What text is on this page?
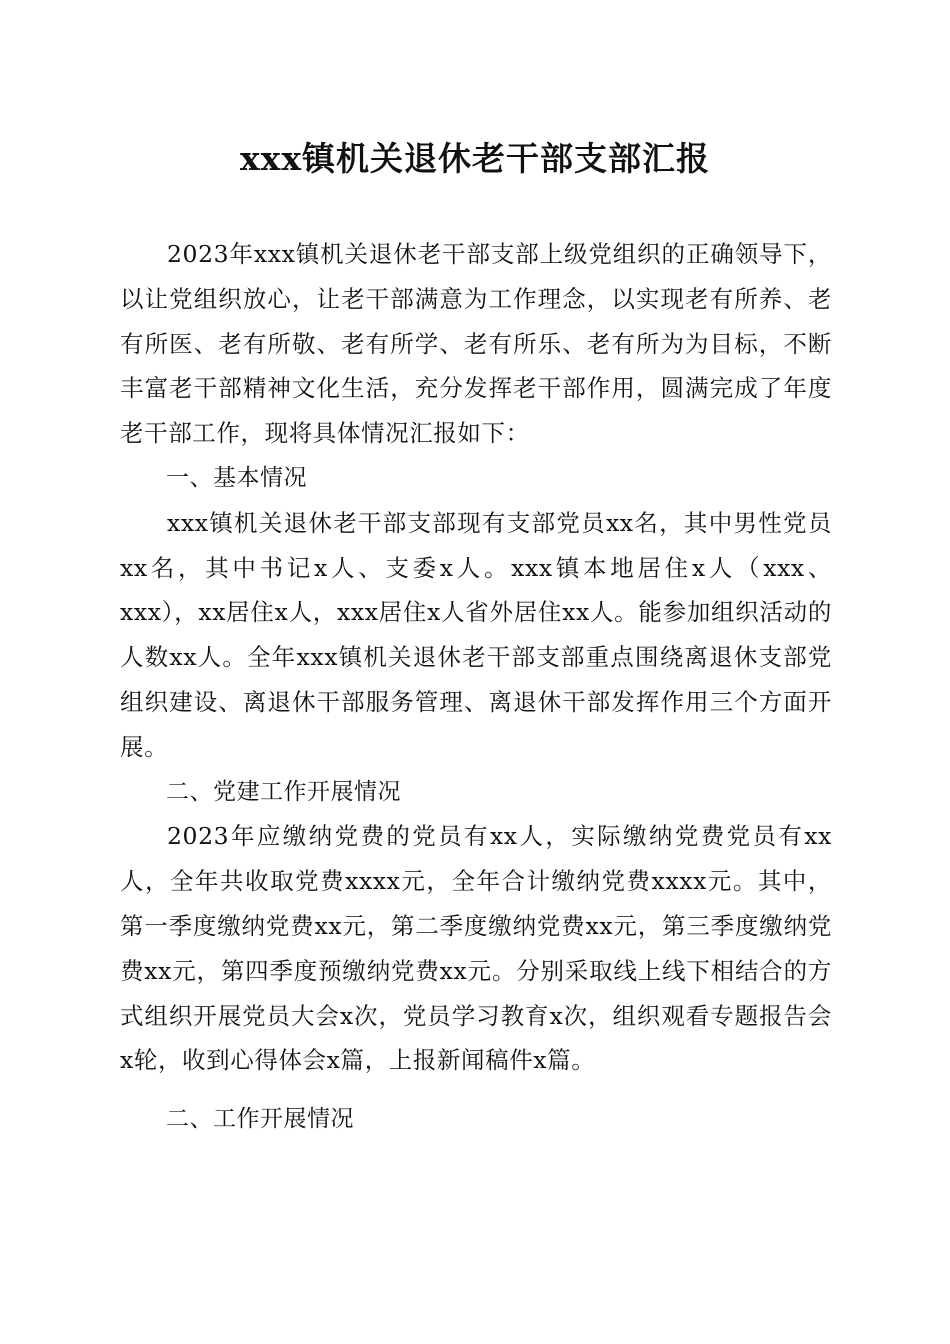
xxx镇机关退休老干部支部汇报

2023年xxx镇机关退休老干部支部上级党组织的正确领导下，以让党组织放心，让老干部满意为工作理念，以实现老有所养、老有所医、老有所敬、老有所学、老有所乐、老有所为为目标，不断丰富老干部精神文化生活，充分发挥老干部作用，圆满完成了年度老干部工作，现将具体情况汇报如下：

一、基本情况

xxx镇机关退休老干部支部现有支部党员xx名，其中男性党员xx名，其中书记x人、支委x人。xxx镇本地居住x人（xxx、xxx），xx居住x人，xxx居住x人省外居住xx人。能参加组织活动的人数xx人。全年xxx镇机关退休老干部支部重点围绕离退休支部党组织建设、离退休干部服务管理、离退休干部发挥作用三个方面开展。

二、党建工作开展情况

2023年应缴纳党费的党员有xx人，实际缴纳党费党员有xx人，全年共收取党费xxxx元，全年合计缴纳党费xxxx元。其中，第一季度缴纳党费xx元，第二季度缴纳党费xx元，第三季度缴纳党费xx元，第四季度预缴纳党费xx元。分别采取线上线下相结合的方式组织开展党员大会x次，党员学习教育x次，组织观看专题报告会x轮，收到心得体会x篇，上报新闻稿件x篇。

二、工作开展情况
